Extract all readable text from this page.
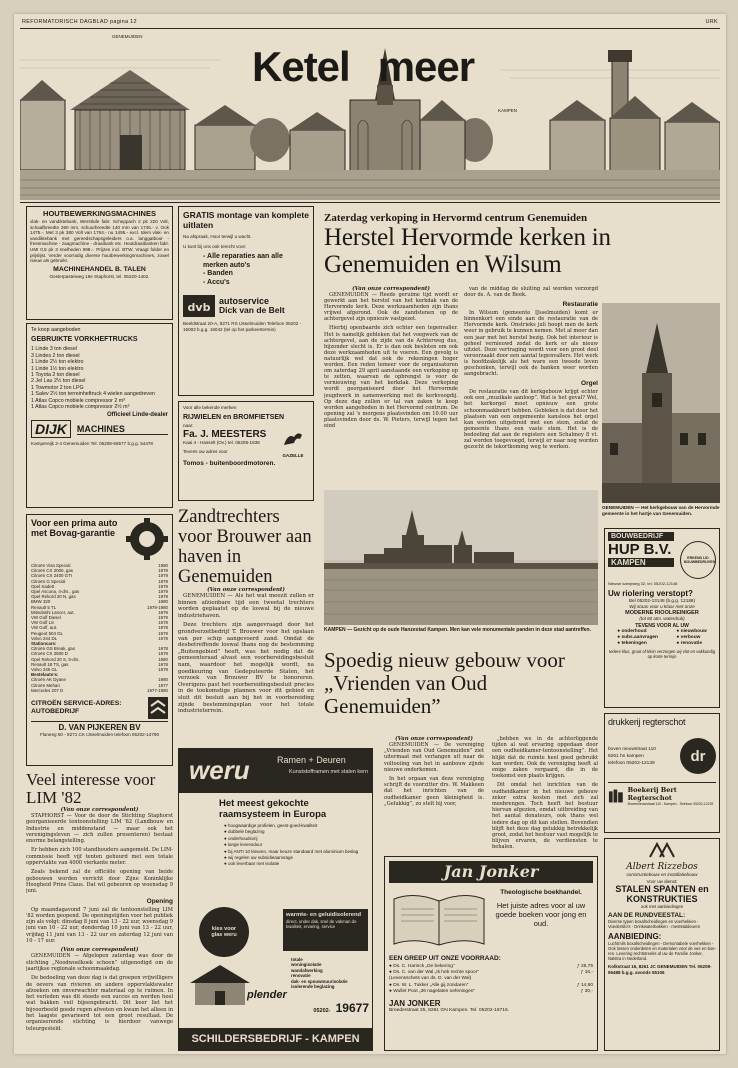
REFORMATORISCH DAGBLAD pagina 12	URK
Ketel meer
GENEMUIDEN
KAMPEN
HOUTBEWERKINGSMACHINES
vlak- en vandiktebank, Werstlufe fabr. Scheppach 2 pk 220 Volt, schaafbreedte 260 mm, schuurbreedte 140 mm van 1745.- v. Ook 1475.-. Met 3 pk 380 Volt van 1764.- nu 1495.- excl. Idem vlak- en vandiktebank met gereedschapsgeleiders o.a. langgatboor - freesmachine - zaagmachine - draaibank etc. Houtdraaibanken fabr. UMI 0,5 pk 3 snelheden 598.-. Prijzen incl. BTW. Vraagt folder en prijslijst. Verder voorradig diverse houtbewerkingsmachines, zowel nieuw als gebruikt.
MACHINEHANDEL B. TALEN
Oosterpasteiweg 19e Staphorst, tel. 05220-1402.
Te koop aangeboden
GEBRUIKTE VORKHEFTRUCKS
1 Linde 3 ton diesel
3 Lindes 2 ton diesel
1 Linde 2½ ton elektro
1 Linde 1½ ton elektro
1 Toyota 2 ton diesel
2 Jel Lau 2½ ton diesel
1 Towmotor 2 ton LPG
1 Salev 2½ ton terreinheftruck 4 wielen aangedreven
1 Atlas Copco mobiele compressor 2 m³
1 Atlas Copco mobiele compressor 2½ m³
Officieel Linde-dealer
DIJK	MACHINES
Kampereijk 2-4 Genemuiden Tel. 05208-55577 b.g.g. 54478
Voor een prima auto met Bovag-garantie
Citroën Visa Special	1980
Citroën CX 2000, gas	1978
Citroën CX 2400 GTI	1979
Citroën G Special	1979
Opel Kadett	1979
Opel Ascona, 4-drs., gas	1979
Opel Rekord 20 N, gas	1979
BMW 320	1980
Renault 5 TL	1978-1980
Mitsubishi Lancer, aut.	1979
VW Golf Diesel	1979
VW Golf LS	1978
VW Golf, aut.	1978
Peugeot 504 GL	1979
Volvo 244 DL	1978
Stationcars:
Citroën GS Break, gas	1978
Citroën CX 2500 D	1979
Opel Rekord 20 S, 5-drs.	1980
Renault 18 TS, gas	1978
Volvo 245 GL	1979
Bestelauto's:
Citroën AK Dyane	1980
Citroën Mehari	1977
Mercedes 207 D	1977-1980
CITROËN SERVICE-ADRES: AUTOBEDRIJF
D. VAN PIJKEREN BV
Flaneeg 50 - 8271 CK IJsselmuiden telefoon 05202-14790
Veel interesse voor LIM '82
(Van onze correspondent)

STAPHORST — Voor de door de Stichting Staphorst georganiseerde tentoonstelling LIM '82 (Landbouw en Industrie en middenstand — maar ook het verenigingsleven — zich zullen presenteren) bestaat enorme belangstelling.

Er hebben zich 100 standhouders aangemeld. De LIM-commissie heeft vijf tenten gehuurd met een totale oppervlakte van 4000 vierkante meter.

Zoals bekend zal de officiële opening van beide gebouwen worden verricht door Zijne Koninklijke Hoogheid Prins Claus. Dat wil gebeuren op woensdag 9 juni.

Opening

Op maandagavond 7 juni zal de tentoonstelling LIM '82 worden geopend. De openingstijden voor het publiek zijn als volgt: dinsdag 8 juni van 13 - 22 uur, woensdag 9 juni van 10 - 22 uur, donderdag 10 juni van 13 - 22 uur, vrijdag 11 juni van 13 - 22 uur en zaterdag 12 juni van 10 - 17 uur.

(Van onze correspondent)

GENEMUIDEN — Afgelopen zaterdag was door de stichting „Noodwoelkoek scheen” uitgenodigd om de jaarlijkse regionale schoonmaakdag.

De bedoeling van deze dag is dat groepen vrijwilligers de oevers van rivieren en andere oppervlaktewater afzoeken om onverwachter materiaal op te ruimen. In het verleden was dit steeds een succes en werden heel wat bakken vuil bijeengebracht. Dit keer liet het bijvoorbeeld goede regen afweten en kwam het alleen in het laagste gevarieerd tot een groot resultaat. De organiserende stichting is hierdoor vanwege teleurgesteld.

GRATIS montage van komplete uitlaten
Na afspraak, Hoor terwijl u wacht.
U kunt bij ons ook terecht voor:
- Alle reparaties aan alle merken auto's
- Banden
- Accu's
dvb autoservice
Dick van de Belt
Beeldstraat 20-A, 8271 RS IJsselmuiden Telefoon 05202 - 16002 b.g.g. 16042 (tel op het parkeerterrein)
Voor alle bekende merken
RIJWIELEN en BROMFIETSEN
naar:
Fa. J. MEESTERS
Kaai 4 - Hasselt (Ov.) tel. 05208-1536
Tevens uw adres voor
GAZELLE
Tomos - buitenboordmotoren.
Zandtrechters voor Brouwer aan haven in Genemuiden
(Van onze correspondent)

GENEMUIDEN — Als het wat meezit zullen er binnen afzienbare tijd een tweetal trechters worden geplaatst op de loswal bij de nieuwe industriehaven.

Deze trechters zijn aangevraagd door het grondverzetbedrijf T. Brouwer voor het opslaan van per schip aangevoerd zand. Omdat de desbetreffende loswal thans nog de bestemming „Buitengebied” heeft, was het nodig dat de gemeenteraad alvast een voorbereidingsbesluit nam, waardoor het mogelijk wordt, na goedkeuring van Gedeputeerde Staten, het verzoek van Brouwer BV te honoreren. Overigens past het voorbereidingsbesluit precies in de toekomstige plannen voor dit gebied en sluit dit besluit aan bij het in voorbereiding zijnde bestemmingsplan voor het totale industrieterrein.

weru	Ramen + Deuren
Kunststofframen met stalen kern
Het meest gekochte raamsysteem in Europa
● hoogwaardige profielen, geest-goed-kwaliteit
● dubbele beglazing
● onderhoudsvrij
● lange levensduur
● bij ANTI 10 kleuren, maar keuze standaard met aluminium beslag
● wij regelen uw subsidieaanvrage
● ook leverbaar met isolatie
kies voor glas weru
warmte- en geluidisolerend
direct, onder dak, snel de vakman de kwaliteit, ervaring, service
plender
totale
woningisolatie
wandafwerking
renovatie
dak- en spouwmuurisolatie
isolerende beglazing
05202- 19677
SCHILDERSBEDRIJF - KAMPEN
Zaterdag verkoping in Hervormd centrum Genemuiden
Herstel Hervormde kerken in Genemuiden en Wilsum
(Van onze correspondent)

GENEMUIDEN — Reeds geruime tijd wordt er gewerkt aan het herstel van het kerkdak van de Hervormde kerk. Deze werkzaamheden zijn thans vrijwel afgerond. Ook de zandstenen op de achtergevel zijn opnieuw vastgezet.

Hierbij openbaarde zich echter een tegenvaller. Het is namelijk gebleken dat het voegwerk van de achtergevel, aan de zijde van de Achterweg dus, bijzonder slecht is. Er is dan ook besloten om ook deze werkzaamheden uit te voeren. Een gevolg is natuurlijk wel dat ook de rekeningen hoger worden. Een reden temeer voor de organisatoren om zaterdag 29 april aanstaande een verkoping op te zetten, waarvan de opbrengst is voor de vernieuwing van het kerkdak. Deze verkoping wordt georganiseerd door het Hervormde jeugdwerk in samenwerking met de kerkvoogdij. Op deze dag zullen er tal van zaken te koop worden aangeboden in het Hervormd centrum. De opening zal 's morgens plaatsvinden om 10.00 uur plaatsvinden door ds. W. Pieters, terwijl tegen het eind

van de middag de sluiting zal worden verzorgd door ds. A. van de Beek.

Restauratie

In Wilsum (gemeente IJsselmuiden) komt er binnenkort een einde aan de restauratie van de Hervormde kerk. Onstrieks juli hoopt men de kerk weer in gebruik te kunnen nemen. Met al meer dan een jaar met het herstel bezig. Ook het interieur is geheel vernieuwd zodat de kerk er als nieuw uitziet. Deze vertraging wordt voor een groot deel veroorzaakt door een aantal tegenvallers. Het werk is hoofdzakelijk als het ware een tweede leven geschonken, terwijl ook de banken weer worden aangebracht.

Orgel

De restauratie van dit kerkgebouw krijgt echter ook een „muzikale aanloop”. Wat is het geval? Wel, het kerkorgel moet opnieuw een grote schoonmaakbeurt hebben. Gebleken is dat door het plaatsen van een ongemeente kansloos het orgel kan worden uitgebreid met een stem, zodat de gemeente thans een vaste stem. Het is de bedoeling dat aan de registers een Schalmey 8 vt. zal worden toegevoegd, terwijl er naar nog worden gezocht de tekortkoming weg te werken.

GENEMUIDEN — Het kerkgebouw van de Hervormde gemeente in het hartje van Genemuiden.
KAMPEN — Gezicht op de oude Hanzestad Kampen. Men kan vele monumentale panden in deze stad aantreffen.
Spoedig nieuw gebouw voor „Vrienden van Oud Genemuiden”
(Van onze correspondent)

GENEMUIDEN — De vereniging „Vrienden van Oud Genemuiden” ziet uitermaat met verlangen uit naar de voltooiing van het in aanbouw zijnde nieuwe onderkomen.

In het orgaan van deze vereniging schrijft de voorzitter drs. W. Makkeen dat het inrichten van de oudheidkamer geen kleinigheid is. „Gelukkig”, zo stelt hij voor,

„hebben we in de achterliggende tijden al wat ervaring opgedaan door een oudheidkamer-tentoonstelling”. Het blijkt dat de ruimte heel goed gebruikt kan worden. Ook de vereniging heeft al enige zaken vergaard, die in de toekomst een plaats krijgen.

Dit omdat het inrichten van de oudheidkamer in het nieuwe gebouw zeker extra kosten met zich zal meebrengen. Toch heeft het bestuur hiervan afgezien, omdat uitbreiding van het aantal donateurs, ook thans wel iedere dag op dit kan stellen. Bovendien blijft het deze dag gelukkig betrekkelijk groot, zodat het bestuur vast mogelijk te blijven ervaren, de verdiensten te behalen.

Jan Jonker
Theologische boekhandel.
Het juiste adres voor al uw goede boeken voor jong en oud.
EEN GREEP UIT ONZE VOORRAAD:
● Ds. C. Harinck „De bekering”	ƒ 28,75
● Ds. C. van der Wal „Ik heb rechte spoor”	ƒ 16,-
(Levensschets van ds. D. van der Wal)
● Ds. W. L. Tukker „Alle gij zondaren”	ƒ 14,90
● Wullet Poot „36 nagelaten oefeningen”	ƒ 30,-
JAN JONKER
Broederstraat 25, 8261 GN Kampen. Tel. 05202-16716.
BOUWBEDRIJF
HUP B.V.
KAMPEN	ERKEND LID BOUWBEDRIJVEN
Nieuwe kampweg 32, tel. 05202-12148
Uw riolering verstopt?
Bel 05202-13148 (b.g.g. 12188)
Wij staan voor u klaar met onze
MODERNE RIOOLREINIGER
(tot 60 atm. waterdruk)
TEVENS VOOR AL UW
● onderhoud
● subs.aanvragen
● tekeningen
● nieuwbouw
● verbouw
● renovatie
Iedere klus, groot of klein verzorgen wij vlot en vakkundig op korte termijn
drukkerij regterschot
boven nieuwstraat 110
8261 hn kampen
telefoon 05202-12139	dr
Boekerij Bert Regterschot
Bovennieuwstraat 110 - Kampen - Telefoon 05202-12139
Albert Rizzebos
constructiebouw en installatiebouw
Voor uw dienst:
STALEN SPANTEN en KONSTRUKTIES
ook met aanbiedingen
AAN DE RUNDVEESTAL:
Diverse typen boxafscheidingen en voerhekken - Voedersilo's - Drinkwaterbakken - meststaldeuren
AANBIEDING:
Luchtmils boxafscheidingen - Demontabele voerhekken - Ook lossen onderdelen en materialen voor de vee en boe-ren. Levering rechtstreeks af uw de Familie Jonker, Nalstra in Nederland.
Kolkstraat 16, 8261 JC GENEMUIDEN Tel. 05208-55488 b.g.g. avonds 55106
